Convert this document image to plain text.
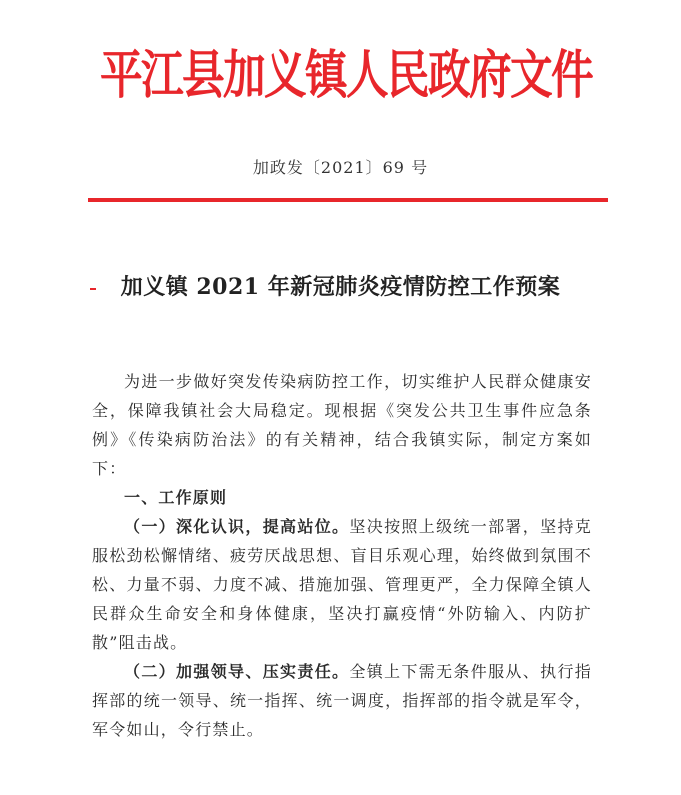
平江县加义镇人民政府文件
加政发〔2021〕69 号
加义镇 2021 年新冠肺炎疫情防控工作预案

为进一步做好突发传染病防控工作，切实维护人民群众健康安全，保障我镇社会大局稳定。现根据《突发公共卫生事件应急条例》《传染病防治法》的有关精神，结合我镇实际，制定方案如下：

一、工作原则

（一）深化认识，提高站位。坚决按照上级统一部署，坚持克服松劲松懈情绪、疲劳厌战思想、盲目乐观心理，始终做到氛围不松、力量不弱、力度不减、措施加强、管理更严，全力保障全镇人民群众生命安全和身体健康，坚决打赢疫情“外防输入、内防扩散”阻击战。

（二）加强领导、压实责任。全镇上下需无条件服从、执行指挥部的统一领导、统一指挥、统一调度，指挥部的指令就是军令，军令如山，令行禁止。
